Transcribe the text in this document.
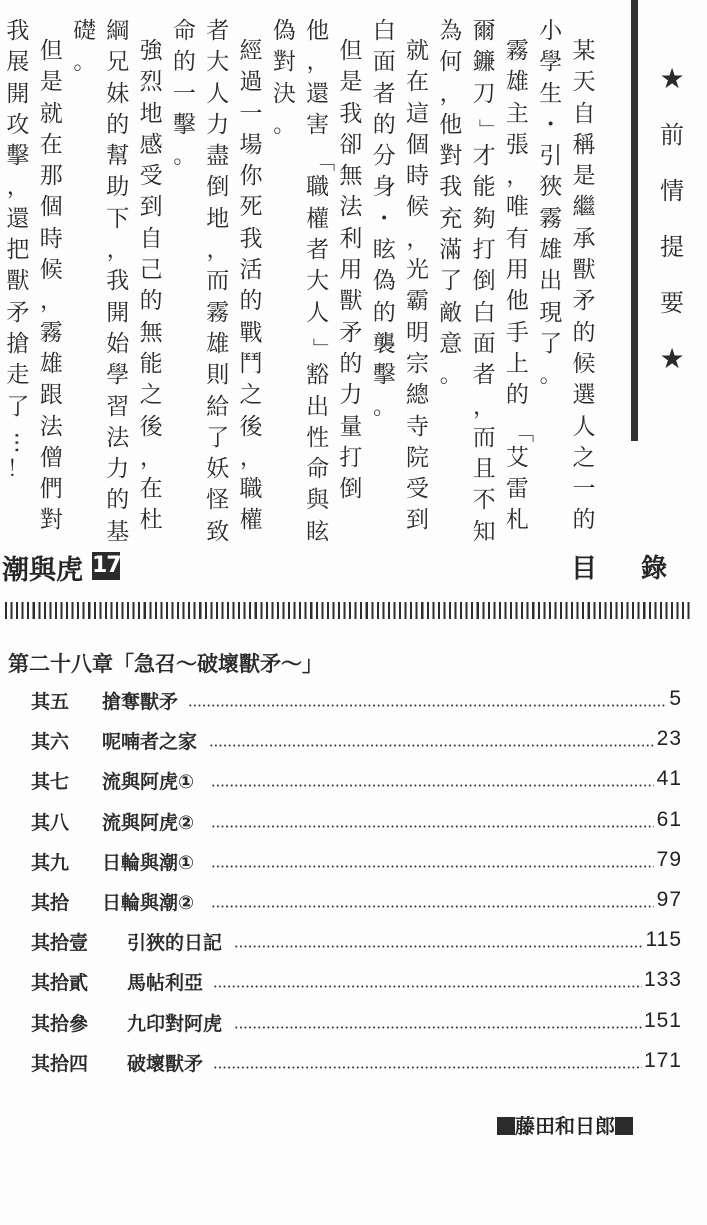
某
天
自
稱
是
繼
承
獸
矛
的
候
選
人
之
一
的
小
學
生
・
引
狹
霧
雄
出
現
了
。
霧
雄
主
張
，
唯
有
用
他
手
上
的
「
艾
雷
札
爾
鐮
刀
」
才
能
夠
打
倒
白
面
者
，
而
且
不
知
為
何
，
他
對
我
充
滿
了
敵
意
。
就
在
這
個
時
候
，
光
霸
明
宗
總
寺
院
受
到
白
面
者
的
分
身
・
眩
偽
的
襲
擊
。
但
是
我
卻
無
法
利
用
獸
矛
的
力
量
打
倒
他
，
還
害
「
職
權
者
大
人
」
豁
出
性
命
與
眩
偽
對
決
。
經
過
一
場
你
死
我
活
的
戰
鬥
之
後
，
職
權
者
大
人
力
盡
倒
地
，
而
霧
雄
則
給
了
妖
怪
致
命
的
一
擊
。
強
烈
地
感
受
到
自
己
的
無
能
之
後
，
在
杜
綱
兄
妹
的
幫
助
下
，
我
開
始
學
習
法
力
的
基
礎
。
但
是
就
在
那
個
時
候
，
霧
雄
跟
法
僧
們
對
我
展
開
攻
擊
，
還
把
獸
矛
搶
走
了
…
！
★
前
情
提
要
★
潮與虎 17	目 錄
第二十八章「急召～破壞獸矛～」
其五 搶奪獸矛	5
其六 呢喃者之家	23
其七 流與阿虎①	41
其八 流與阿虎②	61
其九 日輪與潮①	79
其拾 日輪與潮②	97
其拾壹 引狹的日記	115
其拾貳 馬帖利亞	133
其拾參 九印對阿虎	151
其拾四 破壞獸矛	171
藤田和日郎
